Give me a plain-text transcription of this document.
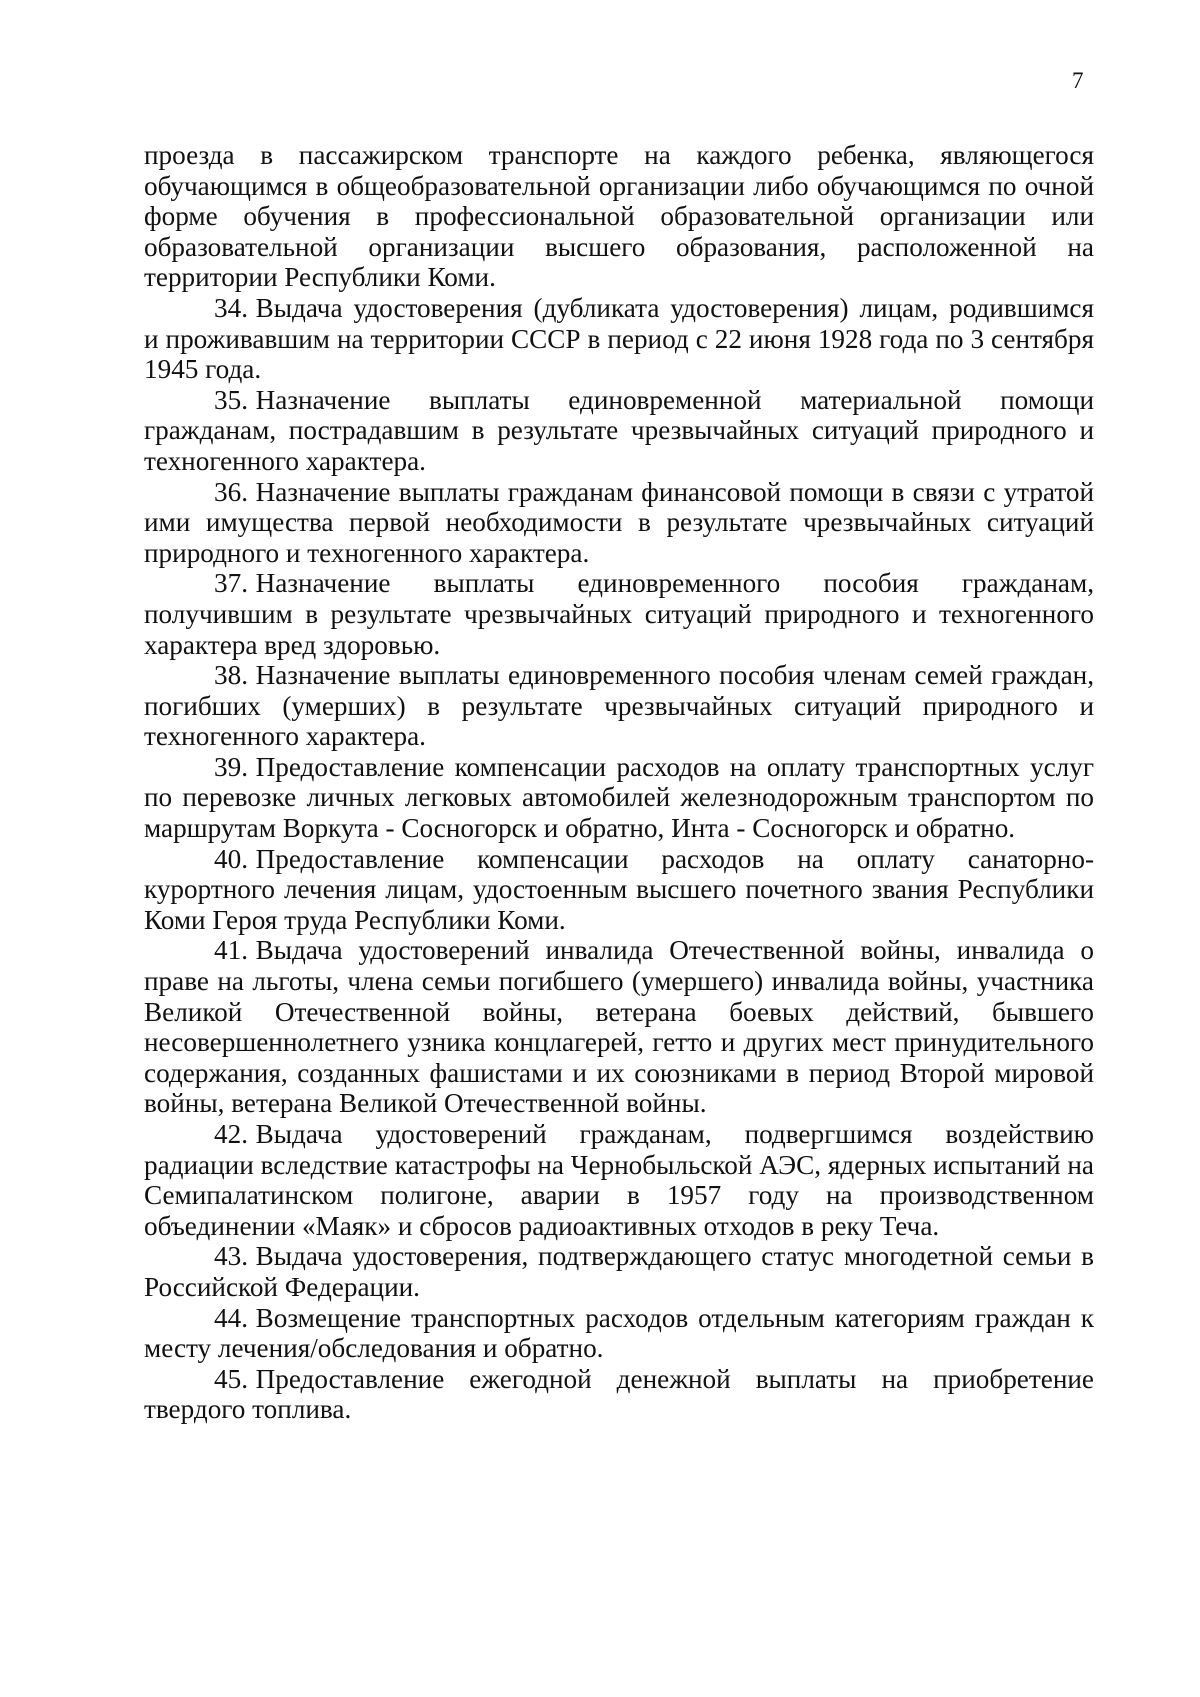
7

проезда в пассажирском транспорте на каждого ребенка, являющегося обучающимся в общеобразовательной организации либо обучающимся по очной форме обучения в профессиональной образовательной организации или образовательной организации высшего образования, расположенной на территории Республики Коми.

34. Выдача удостоверения (дубликата удостоверения) лицам, родившимся и проживавшим на территории СССР в период с 22 июня 1928 года по 3 сентября 1945 года.

35. Назначение выплаты единовременной материальной помощи гражданам, пострадавшим в результате чрезвычайных ситуаций природного и техногенного характера.

36. Назначение выплаты гражданам финансовой помощи в связи с утратой ими имущества первой необходимости в результате чрезвычайных ситуаций природного и техногенного характера.

37. Назначение выплаты единовременного пособия гражданам, получившим в результате чрезвычайных ситуаций природного и техногенного характера вред здоровью.

38. Назначение выплаты единовременного пособия членам семей граждан, погибших (умерших) в результате чрезвычайных ситуаций природного и техногенного характера.

39. Предоставление компенсации расходов на оплату транспортных услуг по перевозке личных легковых автомобилей железнодорожным транспортом по маршрутам Воркута - Сосногорск и обратно, Инта - Сосногорск и обратно.

40. Предоставление компенсации расходов на оплату санаторно-курортного лечения лицам, удостоенным высшего почетного звания Республики Коми Героя труда Республики Коми.

41. Выдача удостоверений инвалида Отечественной войны, инвалида о праве на льготы, члена семьи погибшего (умершего) инвалида войны, участника Великой Отечественной войны, ветерана боевых действий, бывшего несовершеннолетнего узника концлагерей, гетто и других мест принудительного содержания, созданных фашистами и их союзниками в период Второй мировой войны, ветерана Великой Отечественной войны.

42. Выдача удостоверений гражданам, подвергшимся воздействию радиации вследствие катастрофы на Чернобыльской АЭС, ядерных испытаний на Семипалатинском полигоне, аварии в 1957 году на производственном объединении «Маяк» и сбросов радиоактивных отходов в реку Теча.

43. Выдача удостоверения, подтверждающего статус многодетной семьи в Российской Федерации.

44. Возмещение транспортных расходов отдельным категориям граждан к месту лечения/обследования и обратно.

45. Предоставление ежегодной денежной выплаты на приобретение твердого топлива.
